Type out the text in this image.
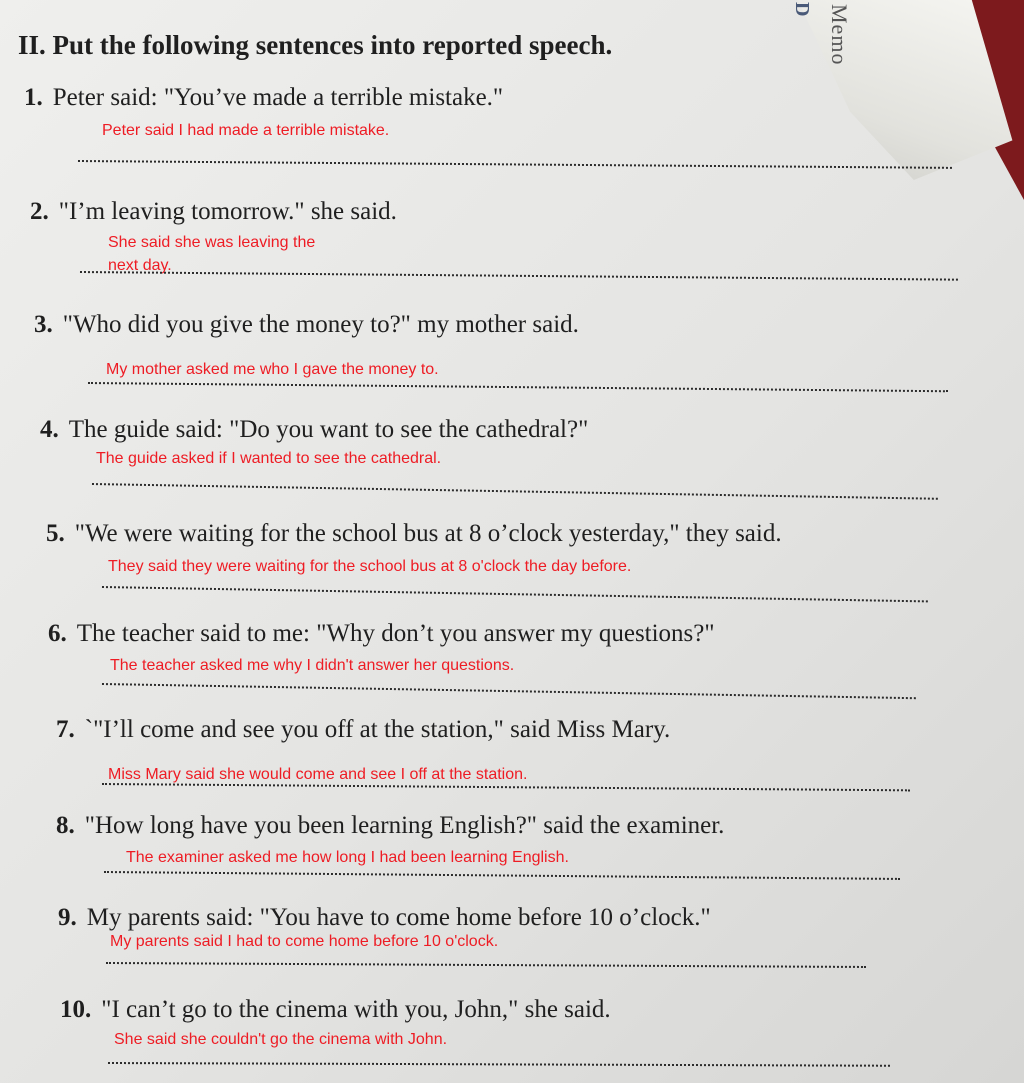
D Memo
II. Put the following sentences into reported speech.

1. Peter said: "You’ve made a terrible mistake."

Peter said I had made a terrible mistake.

2. "I’m leaving tomorrow." she said.

She said she was leaving the

next day.

3. "Who did you give the money to?" my mother said.

My mother asked me who I gave the money to.

4. The guide said: "Do you want to see the cathedral?"

The guide asked if I wanted to see the cathedral.

5. "We were waiting for the school bus at 8 o’clock yesterday," they said.

They said they were waiting for the school bus at 8 o'clock the day before.

6. The teacher said to me: "Why don’t you answer my questions?"

The teacher asked me why I didn't answer her questions.

7. `"I’ll come and see you off at the station," said Miss Mary.

Miss Mary said she would come and see I off at the station.

8. "How long have you been learning English?" said the examiner.

The examiner asked me how long I had been learning English.

9. My parents said: "You have to come home before 10 o’clock."

My parents said I had to come home before 10 o'clock.

10. "I can’t go to the cinema with you, John," she said.

She said she couldn't go the cinema with John.
